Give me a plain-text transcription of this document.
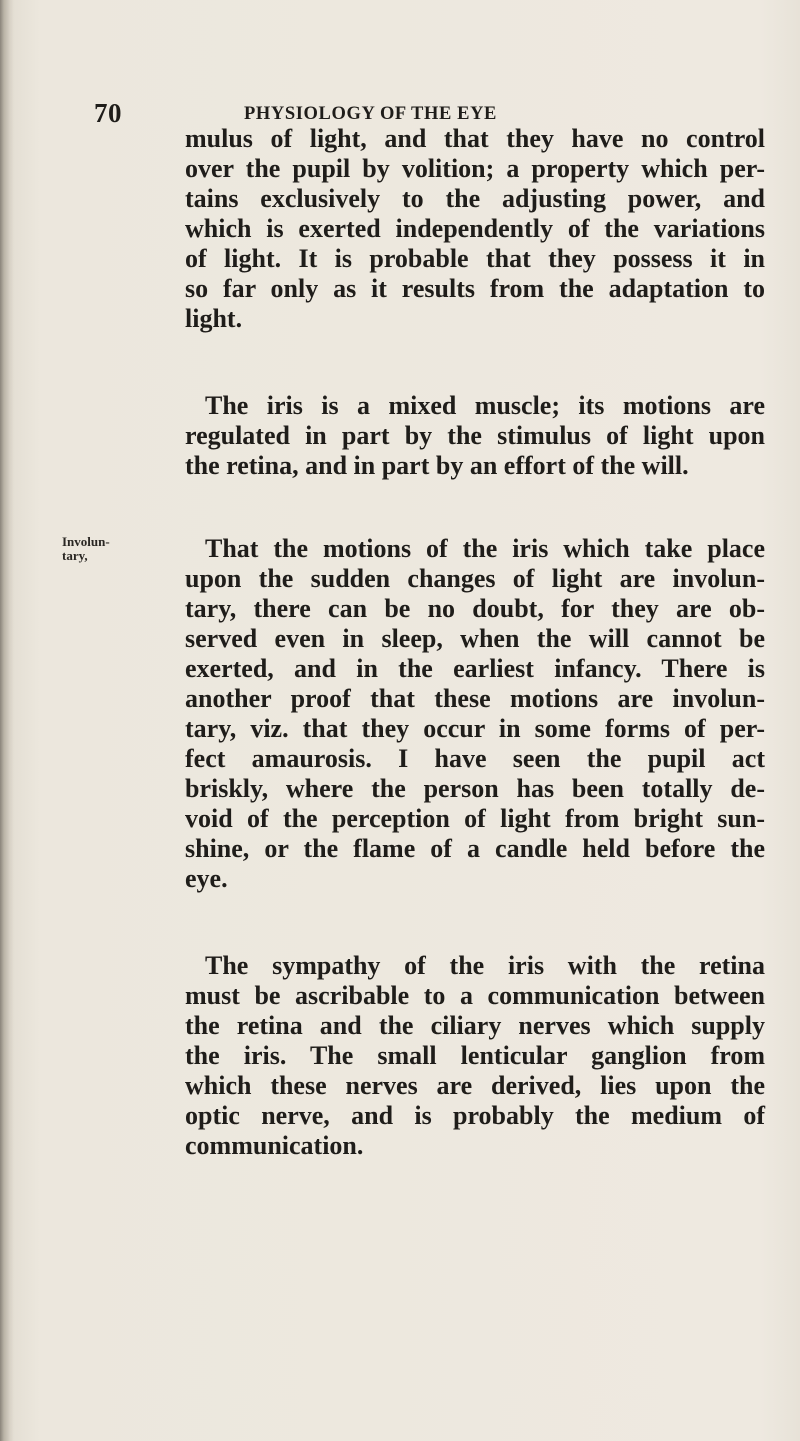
70	PHYSIOLOGY OF THE EYE
Involun-
tary,
mulus of light, and that they have no control
over the pupil by volition; a property which per-
tains exclusively to the adjusting power, and
which is exerted independently of the variations
of light. It is probable that they possess it in
so far only as it results from the adaptation to
light.
The iris is a mixed muscle; its motions are
regulated in part by the stimulus of light upon
the retina, and in part by an effort of the will.
That the motions of the iris which take place
upon the sudden changes of light are involun-
tary, there can be no doubt, for they are ob-
served even in sleep, when the will cannot be
exerted, and in the earliest infancy. There is
another proof that these motions are involun-
tary, viz. that they occur in some forms of per-
fect amaurosis. I have seen the pupil act
briskly, where the person has been totally de-
void of the perception of light from bright sun-
shine, or the flame of a candle held before the
eye.
The sympathy of the iris with the retina
must be ascribable to a communication between
the retina and the ciliary nerves which supply
the iris. The small lenticular ganglion from
which these nerves are derived, lies upon the
optic nerve, and is probably the medium of
communication.
